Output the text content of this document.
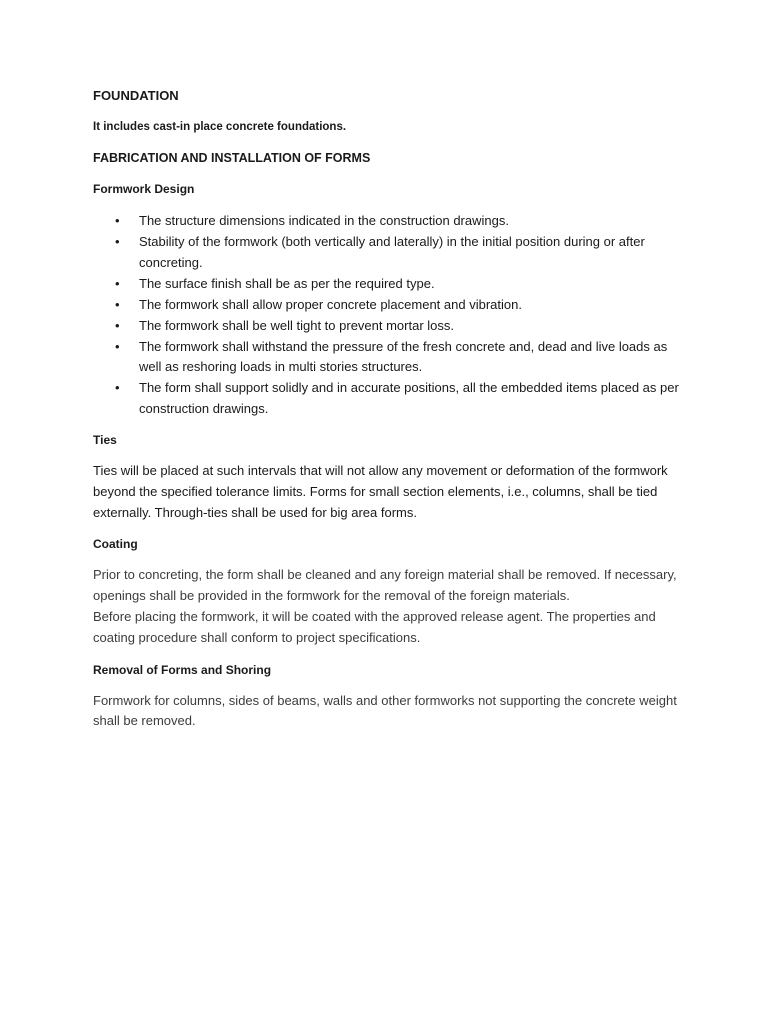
FOUNDATION

It includes cast-in place concrete foundations.

FABRICATION AND INSTALLATION OF FORMS

Formwork Design

• The structure dimensions indicated in the construction drawings.
• Stability of the formwork (both vertically and laterally) in the initial position during or after concreting.
• The surface finish shall be as per the required type.
• The formwork shall allow proper concrete placement and vibration.
• The formwork shall be well tight to prevent mortar loss.
• The formwork shall withstand the pressure of the fresh concrete and, dead and live loads as well as reshoring loads in multi stories structures.
• The form shall support solidly and in accurate positions, all the embedded items placed as per construction drawings.

Ties

Ties will be placed at such intervals that will not allow any movement or deformation of the formwork beyond the specified tolerance limits. Forms for small section elements, i.e., columns, shall be tied externally. Through-ties shall be used for big area forms.

Coating

Prior to concreting, the form shall be cleaned and any foreign material shall be removed. If necessary, openings shall be provided in the formwork for the removal of the foreign materials.

Before placing the formwork, it will be coated with the approved release agent. The properties and coating procedure shall conform to project specifications.

Removal of Forms and Shoring

Formwork for columns, sides of beams, walls and other formworks not supporting the concrete weight shall be removed.
